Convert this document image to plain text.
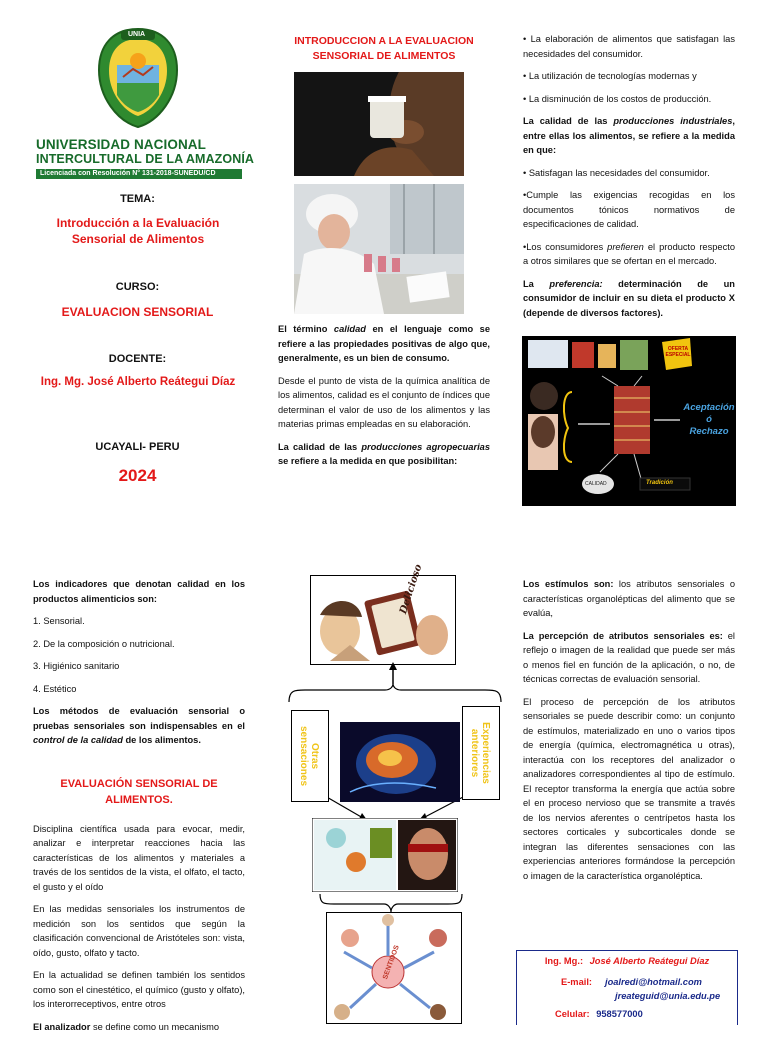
UNIA
UNIVERSIDAD NACIONAL
INTERCULTURAL DE LA AMAZONÍA
Licenciada con Resolución N° 131-2018-SUNEDU/CD
TEMA:
Introducción a la Evaluación Sensorial de Alimentos
CURSO:
EVALUACION SENSORIAL
DOCENTE:
Ing. Mg. José Alberto Reátegui Díaz
UCAYALI- PERU
2024
INTRODUCCION A LA EVALUACION SENSORIAL DE ALIMENTOS

El término calidad en el lenguaje como se refiere a las propiedades positivas de algo que, generalmente, es un bien de consumo.

Desde el punto de vista de la química analítica de los alimentos, calidad es el conjunto de índices que determinan el valor de uso de los alimentos y las materias primas empleadas en su elaboración.

La calidad de las producciones agropecuarias se refiere a la medida en que posibilitan:

• La elaboración de alimentos que satisfagan las necesidades del consumidor.

• La utilización de tecnologías modernas y

• La disminución de los costos de producción.

La calidad de las producciones industriales, entre ellas los alimentos, se refiere a la medida en que:

• Satisfagan las necesidades del consumidor.

•Cumple las exigencias recogidas en los documentos tónicos normativos de especificaciones de calidad.

•Los consumidores prefieren el producto respecto a otros similares que se ofertan en el mercado.

La preferencia: determinación de un consumidor de incluir en su dieta el producto X (depende de diversos factores).

OFERTA ESPECIAL
Aceptación
ó
Rechazo
Tradición
CALIDAD

Los indicadores que denotan calidad en los productos alimenticios son:

1. Sensorial.

2. De la composición o nutricional.

3. Higiénico sanitario

4. Estético

Los métodos de evaluación sensorial o pruebas sensoriales son indispensables en el control de la calidad de los alimentos.

EVALUACIÓN SENSORIAL DE ALIMENTOS.

Disciplina científica usada para evocar, medir, analizar e interpretar reacciones hacia las características de los alimentos y materiales a través de los sentidos de la vista, el olfato, el tacto, el gusto y el oído

En las medidas sensoriales los instrumentos de medición son los sentidos que según la clasificación convencional de Aristóteles son: vista, oído, gusto, olfato y tacto.

En la actualidad se definen también los sentidos como son el cinestético, el químico (gusto y olfato), los interorreceptivos, entre otros

El analizador se define como un mecanismo

Delicioso
Otras sensaciones	Experiencias anteriores
SENTIDOS

Los estímulos son: los atributos sensoriales o características organolépticas del alimento que se evalúa,

La percepción de atributos sensoriales es: el reflejo o imagen de la realidad que puede ser más o menos fiel en función de la aplicación, o no, de técnicas correctas de evaluación sensorial.

El proceso de percepción de los atributos sensoriales se puede describir como: un conjunto de estímulos, materializado en uno o varios tipos de energía (química, electromagnética u otras), interactúa con los receptores del analizador o analizadores correspondientes al tipo de estímulo. El receptor transforma la energía que actúa sobre el en proceso nervioso que se transmite a través de los nervios aferentes o centrípetos hasta los sectores corticales y subcorticales donde se integran las diferentes sensaciones con las experiencias anteriores formándose la percepción o imagen de la característica organoléptica.

Ing. Mg.: José Alberto Reátegui Díaz
E-mail: joalredi@hotmail.com
jreateguid@unia.edu.pe
Celular: 958577000
